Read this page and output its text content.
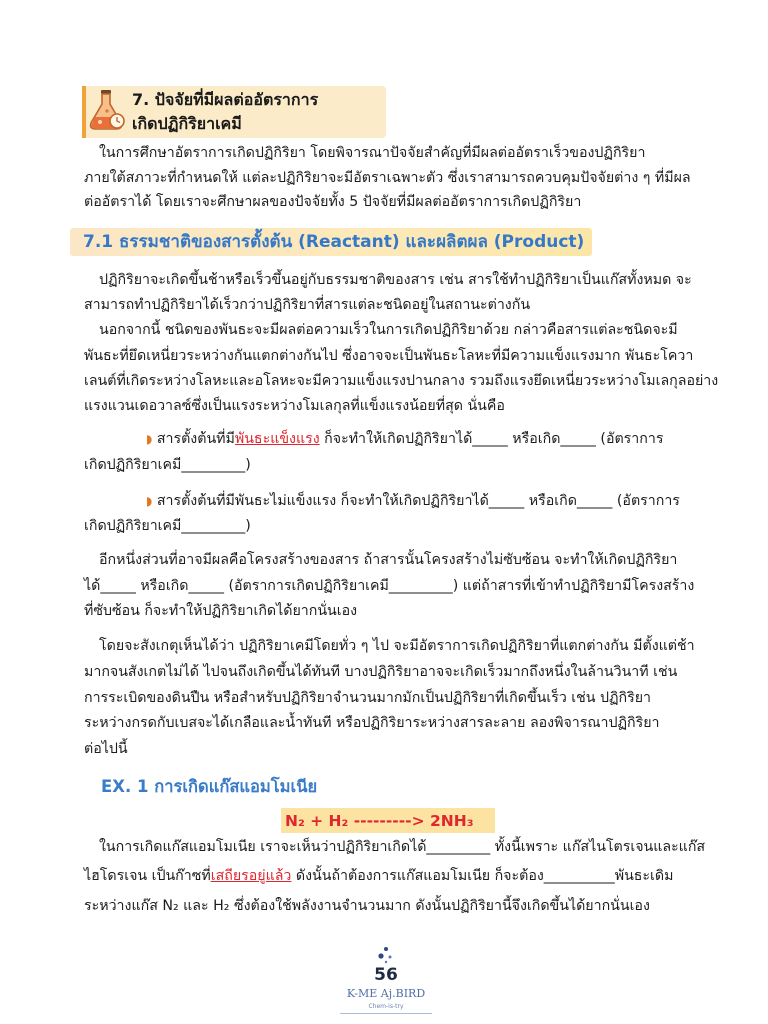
7. ปัจจัยที่มีผลต่ออัตราการ
เกิดปฏิกิริยาเคมี
ในการศึกษาอัตราการเกิดปฏิกิริยา โดยพิจารณาปัจจัยสำคัญที่มีผลต่ออัตราเร็วของปฏิกิริยา
ภายใต้สภาวะที่กำหนดให้ แต่ละปฏิกิริยาจะมีอัตราเฉพาะตัว ซึ่งเราสามารถควบคุมปัจจัยต่าง ๆ ที่มีผล
ต่ออัตราได้ โดยเราจะศึกษาผลของปัจจัยทั้ง 5 ปัจจัยที่มีผลต่ออัตราการเกิดปฏิกิริยา
7.1 ธรรมชาติของสารตั้งต้น (Reactant) และผลิตผล (Product)
ปฏิกิริยาจะเกิดขึ้นช้าหรือเร็วขึ้นอยู่กับธรรมชาติของสาร เช่น สารใช้ทำปฏิกิริยาเป็นแก๊สทั้งหมด จะ
สามารถทำปฏิกิริยาได้เร็วกว่าปฏิกิริยาที่สารแต่ละชนิดอยู่ในสถานะต่างกัน
นอกจากนี้ ชนิดของพันธะจะมีผลต่อความเร็วในการเกิดปฏิกิริยาด้วย กล่าวคือสารแต่ละชนิดจะมี
พันธะที่ยึดเหนี่ยวระหว่างกันแตกต่างกันไป ซึ่งอาจจะเป็นพันธะโลหะที่มีความแข็งแรงมาก พันธะโควา
เลนต์ที่เกิดระหว่างโลหะและอโลหะจะมีความแข็งแรงปานกลาง รวมถึงแรงยึดเหนี่ยวระหว่างโมเลกุลอย่าง
แรงแวนเดอวาลซ์ซึ่งเป็นแรงระหว่างโมเลกุลที่แข็งแรงน้อยที่สุด นั่นคือ
◗ สารตั้งต้นที่มีพันธะแข็งแรง ก็จะทำให้เกิดปฏิกิริยาได้_____ หรือเกิด_____ (อัตราการ
เกิดปฏิกิริยาเคมี_________)
◗ สารตั้งต้นที่มีพันธะไม่แข็งแรง ก็จะทำให้เกิดปฏิกิริยาได้_____ หรือเกิด_____ (อัตราการ
เกิดปฏิกิริยาเคมี_________)
อีกหนึ่งส่วนที่อาจมีผลคือโครงสร้างของสาร ถ้าสารนั้นโครงสร้างไม่ซับซ้อน จะทำให้เกิดปฏิกิริยา
ได้_____ หรือเกิด_____ (อัตราการเกิดปฏิกิริยาเคมี_________) แต่ถ้าสารที่เข้าทำปฏิกิริยามีโครงสร้าง
ที่ซับซ้อน ก็จะทำให้ปฏิกิริยาเกิดได้ยากนั่นเอง
โดยจะสังเกตุเห็นได้ว่า ปฏิกิริยาเคมีโดยทั่ว ๆ ไป จะมีอัตราการเกิดปฏิกิริยาที่แตกต่างกัน มีตั้งแต่ช้า
มากจนสังเกตไม่ได้ ไปจนถึงเกิดขึ้นได้ทันที บางปฏิกิริยาอาจจะเกิดเร็วมากถึงหนึ่งในล้านวินาที เช่น
การระเบิดของดินปืน หรือสำหรับปฏิกิริยาจำนวนมากมักเป็นปฏิกิริยาที่เกิดขึ้นเร็ว เช่น ปฏิกิริยา
ระหว่างกรดกับเบสจะได้เกลือและน้ำทันที หรือปฏิกิริยาระหว่างสารละลาย ลองพิจารณาปฏิกิริยา
ต่อไปนี้
EX. 1 การเกิดแก๊สแอมโมเนีย
N₂ + H₂ ---------> 2NH₃
ในการเกิดแก๊สแอมโมเนีย เราจะเห็นว่าปฏิกิริยาเกิดได้_________ ทั้งนี้เพราะ แก๊สไนโตรเจนและแก๊ส
ไฮโดรเจน เป็นก๊าซที่เสถียรอยู่แล้ว ดังนั้นถ้าต้องการแก๊สแอมโมเนีย ก็จะต้อง__________พันธะเดิม
ระหว่างแก๊ส N₂ และ H₂ ซึ่งต้องใช้พลังงานจำนวนมาก ดังนั้นปฏิกิริยานี้จึงเกิดขึ้นได้ยากนั่นเอง
56
K-ME Aj.BIRD
Chem-is-try
